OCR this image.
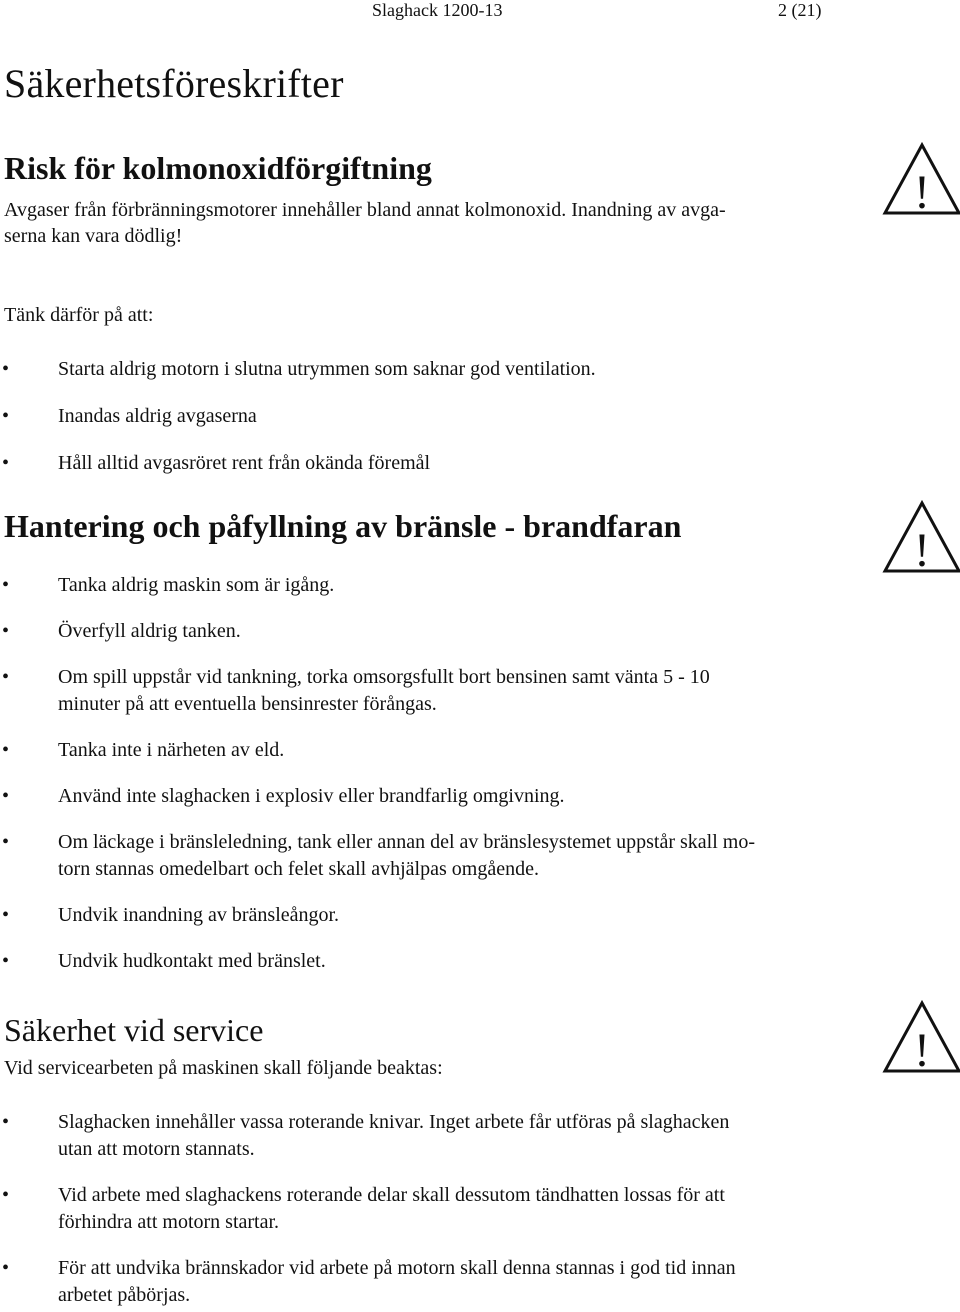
Slaghack 1200-13	2 (21)
Säkerhetsföreskrifter
Risk för kolmonoxidförgiftning	!

Avgaser från förbränningsmotorer innehåller bland annat kolmonoxid. Inandning av avga-
serna kan vara dödlig!

Tänk därför på att:

• Starta aldrig motorn i slutna utrymmen som saknar god ventilation.
• Inandas aldrig avgaserna
• Håll alltid avgasröret rent från okända föremål
Hantering och påfyllning av bränsle - brandfaran	!
• Tanka aldrig maskin som är igång.
• Överfyll aldrig tanken.
• Om spill uppstår vid tankning, torka omsorgsfullt bort bensinen samt vänta 5 - 10
minuter på att eventuella bensinrester förångas.
• Tanka inte i närheten av eld.
• Använd inte slaghacken i explosiv eller brandfarlig omgivning.
• Om läckage i bränsleledning, tank eller annan del av bränslesystemet uppstår skall mo-
torn stannas omedelbart och felet skall avhjälpas omgående.
• Undvik inandning av bränsleångor.
• Undvik hudkontakt med bränslet.
Säkerhet vid service	!

Vid servicearbeten på maskinen skall följande beaktas:

• Slaghacken innehåller vassa roterande knivar. Inget arbete får utföras på slaghacken
utan att motorn stannats.
• Vid arbete med slaghackens roterande delar skall dessutom tändhatten lossas för att
förhindra att motorn startar.
• För att undvika brännskador vid arbete på motorn skall denna stannas i god tid innan
arbetet påbörjas.
